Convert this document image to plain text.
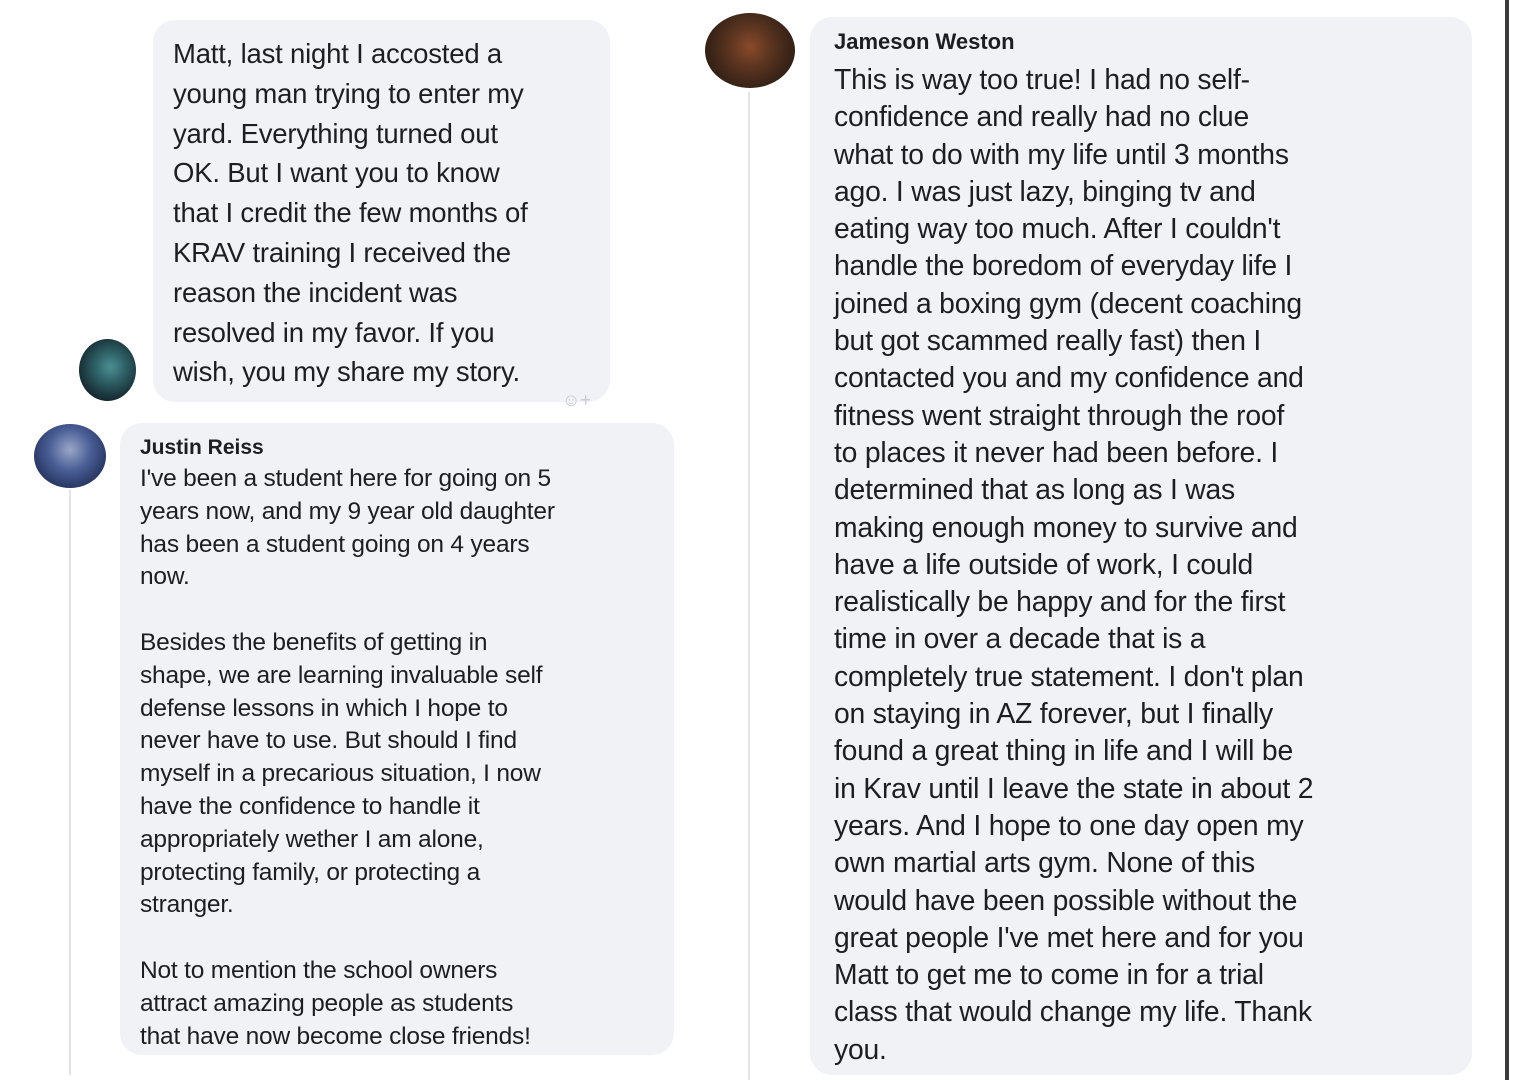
Matt, last night I accosted a
young man trying to enter my
yard. Everything turned out
OK. But I want you to know
that I credit the few months of
KRAV training I received the
reason the incident was
resolved in my favor. If you
wish, you my share my story.

☺+
Justin Reiss

I've been a student here for going on 5
years now, and my 9 year old daughter
has been a student going on 4 years
now.

Besides the benefits of getting in
shape, we are learning invaluable self
defense lessons in which I hope to
never have to use. But should I find
myself in a precarious situation, I now
have the confidence to handle it
appropriately wether I am alone,
protecting family, or protecting a
stranger.

Not to mention the school owners
attract amazing people as students
that have now become close friends!

Jameson Weston

This is way too true! I had no self-
confidence and really had no clue
what to do with my life until 3 months
ago. I was just lazy, binging tv and
eating way too much. After I couldn't
handle the boredom of everyday life I
joined a boxing gym (decent coaching
but got scammed really fast) then I
contacted you and my confidence and
fitness went straight through the roof
to places it never had been before. I
determined that as long as I was
making enough money to survive and
have a life outside of work, I could
realistically be happy and for the first
time in over a decade that is a
completely true statement. I don't plan
on staying in AZ forever, but I finally
found a great thing in life and I will be
in Krav until I leave the state in about 2
years. And I hope to one day open my
own martial arts gym. None of this
would have been possible without the
great people I've met here and for you
Matt to get me to come in for a trial
class that would change my life. Thank
you.
